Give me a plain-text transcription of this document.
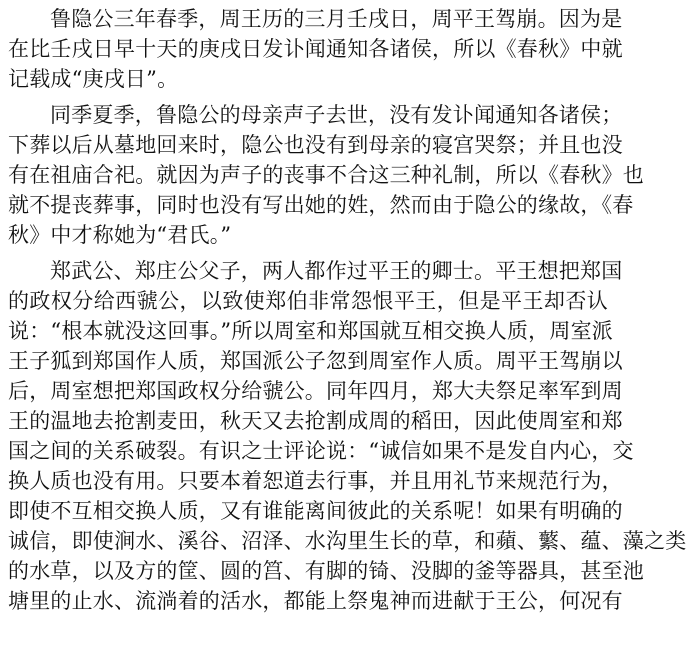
鲁隐公三年春季，周王历的三月壬戌日，周平王驾崩。因为是
在比壬戌日早十天的庚戌日发讣闻通知各诸侯，所以《春秋》中就
记载成“庚戌日”。
同季夏季，鲁隐公的母亲声子去世，没有发讣闻通知各诸侯；
下葬以后从墓地回来时，隐公也没有到母亲的寝宫哭祭；并且也没
有在祖庙合祀。就因为声子的丧事不合这三种礼制，所以《春秋》也
就不提丧葬事，同时也没有写出她的姓，然而由于隐公的缘故，《春
秋》中才称她为“君氏。”
郑武公、郑庄公父子，两人都作过平王的卿士。平王想把郑国
的政权分给西虢公，以致使郑伯非常怨恨平王，但是平王却否认
说：“根本就没这回事。”所以周室和郑国就互相交换人质，周室派
王子狐到郑国作人质，郑国派公子忽到周室作人质。周平王驾崩以
后，周室想把郑国政权分给虢公。同年四月，郑大夫祭足率军到周
王的温地去抢割麦田，秋天又去抢割成周的稻田，因此使周室和郑
国之间的关系破裂。有识之士评论说：“诚信如果不是发自内心，交
换人质也没有用。只要本着恕道去行事，并且用礼节来规范行为，
即使不互相交换人质，又有谁能离间彼此的关系呢！如果有明确的
诚信，即使涧水、溪谷、沼泽、水沟里生长的草，和蘋、蘩、蕴、藻之类
的水草，以及方的筐、圆的筥、有脚的锜、没脚的釜等器具，甚至池
塘里的止水、流淌着的活水，都能上祭鬼神而进献于王公，何况有
